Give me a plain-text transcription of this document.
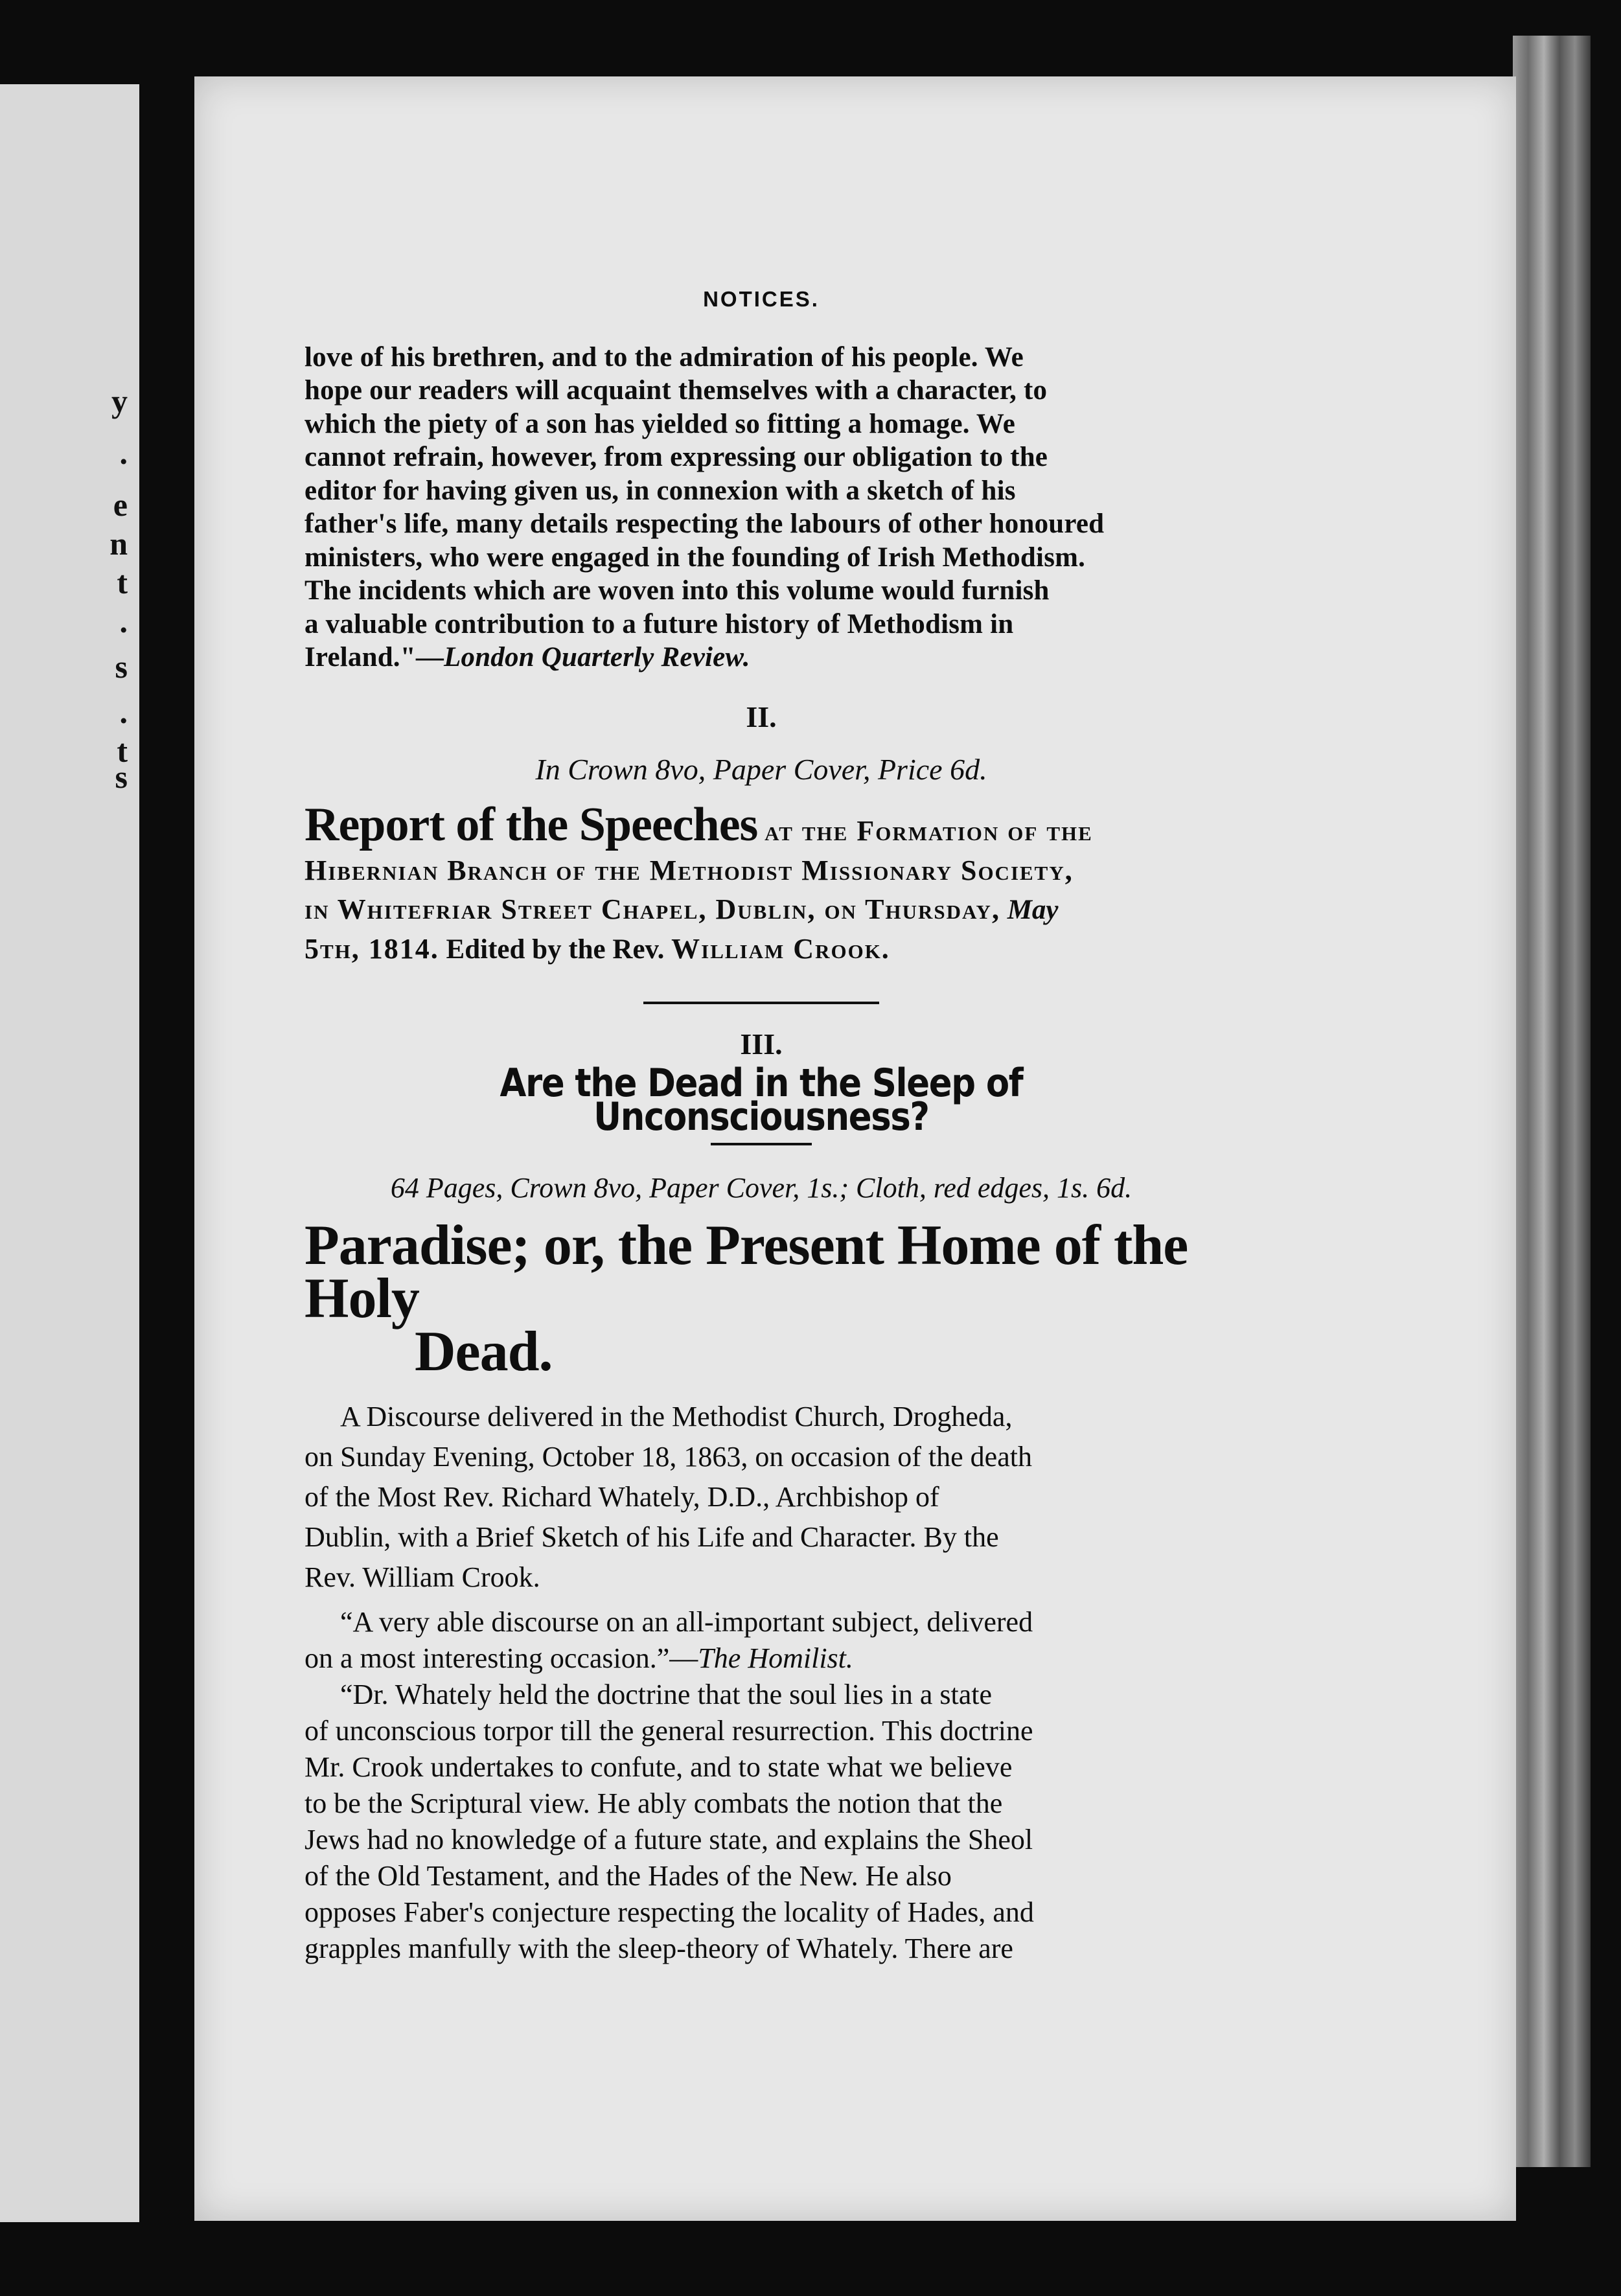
y
.
e
n
t
.
s
.
t
s
NOTICES.
love of his brethren, and to the admiration of his people. We
hope our readers will acquaint themselves with a character, to
which the piety of a son has yielded so fitting a homage. We
cannot refrain, however, from expressing our obligation to the
editor for having given us, in connexion with a sketch of his
father's life, many details respecting the labours of other honoured
ministers, who were engaged in the founding of Irish Methodism.
The incidents which are woven into this volume would furnish
a valuable contribution to a future history of Methodism in
Ireland."—London Quarterly Review.
II.
In Crown 8vo, Paper Cover, Price 6d.
Report of the Speeches at the Formation of the
Hibernian Branch of the Methodist Missionary Society,
in Whitefriar Street Chapel, Dublin, on Thursday, May
5th, 1814. Edited by the Rev. William Crook.
III.
Are the Dead in the Sleep of Unconsciousness?
64 Pages, Crown 8vo, Paper Cover, 1s.; Cloth, red edges, 1s. 6d.
Paradise; or, the Present Home of the Holy
Dead.
A Discourse delivered in the Methodist Church, Drogheda,
on Sunday Evening, October 18, 1863, on occasion of the death
of the Most Rev. Richard Whately, D.D., Archbishop of
Dublin, with a Brief Sketch of his Life and Character. By the
Rev. William Crook.
“A very able discourse on an all-important subject, delivered
on a most interesting occasion.”—The Homilist.
“Dr. Whately held the doctrine that the soul lies in a state
of unconscious torpor till the general resurrection. This doctrine
Mr. Crook undertakes to confute, and to state what we believe
to be the Scriptural view. He ably combats the notion that the
Jews had no knowledge of a future state, and explains the Sheol
of the Old Testament, and the Hades of the New. He also
opposes Faber's conjecture respecting the locality of Hades, and
grapples manfully with the sleep-theory of Whately. There are
